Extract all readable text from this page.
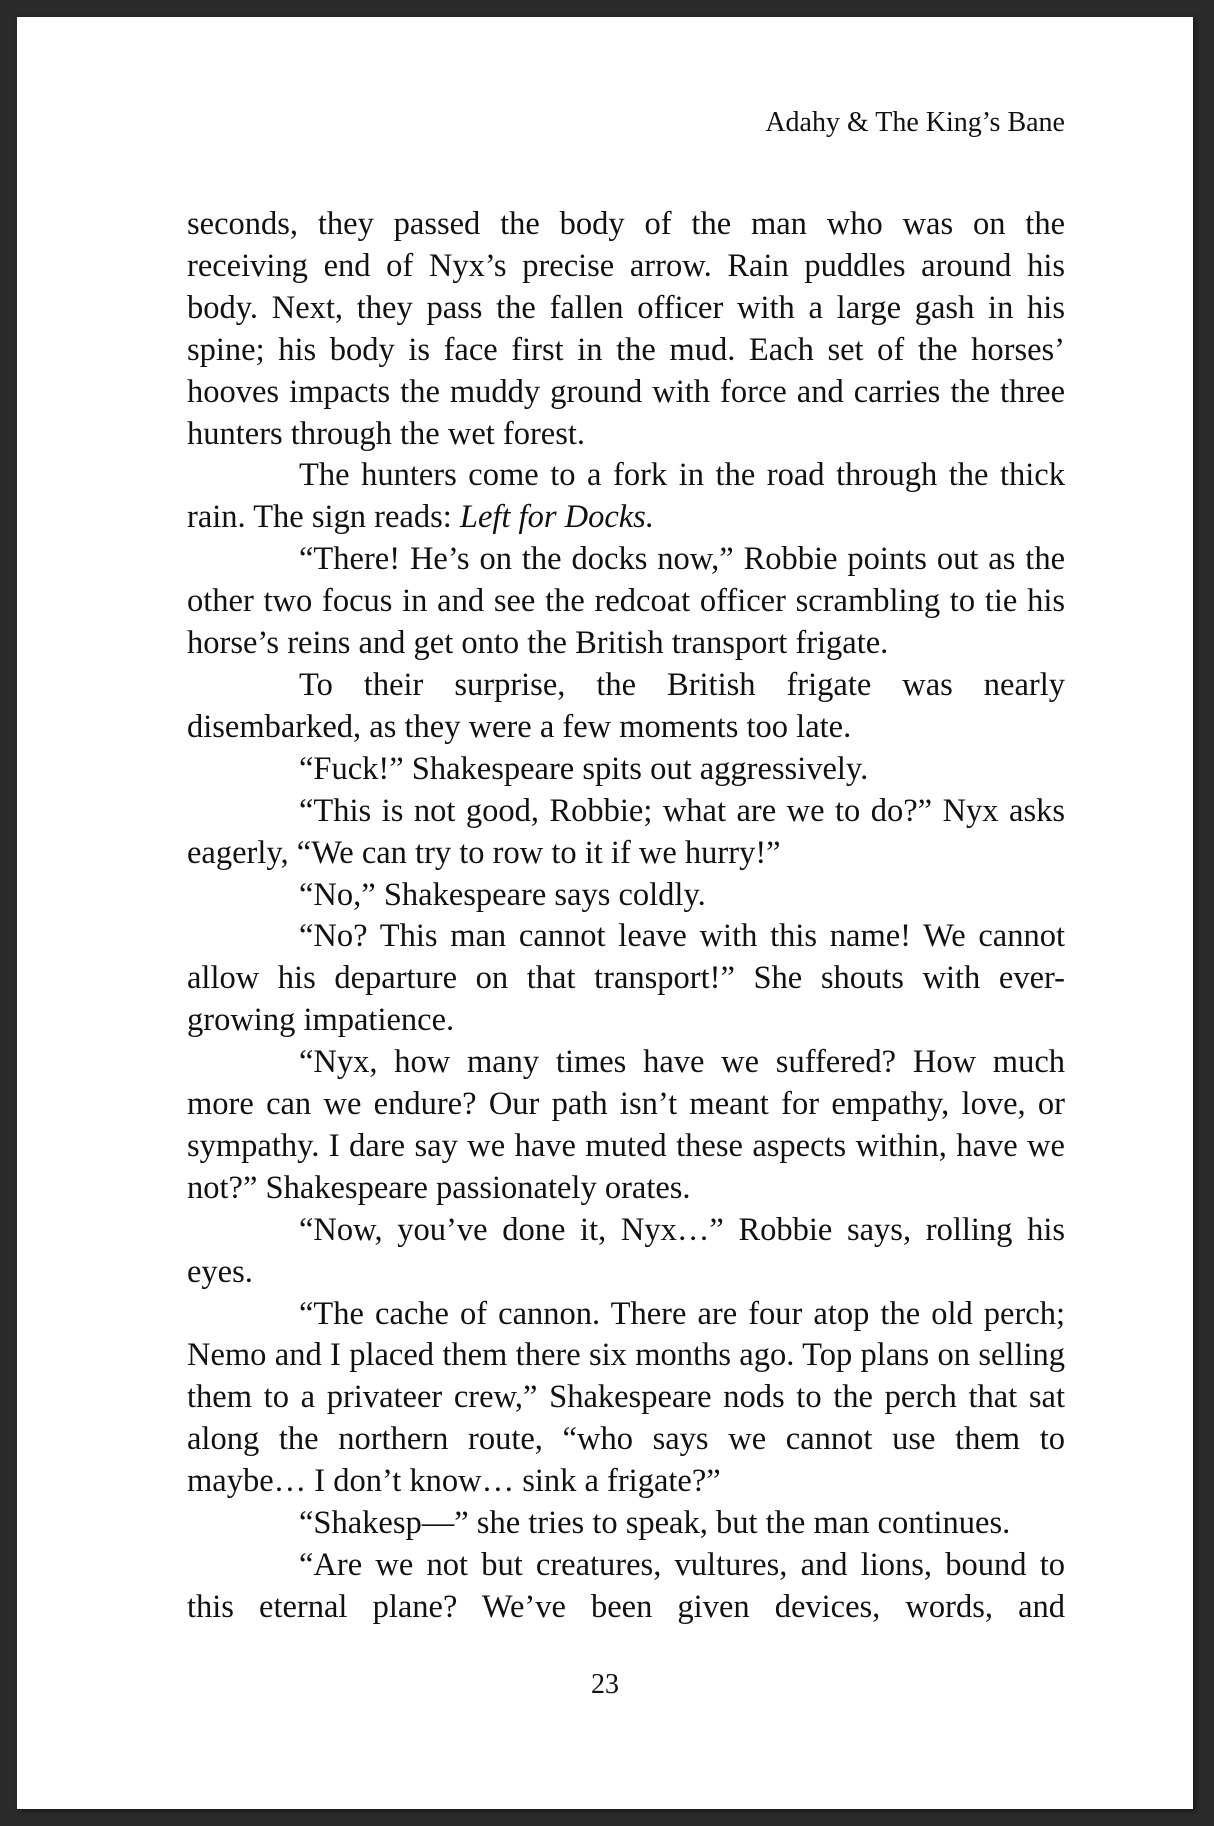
Adahy & The King’s Bane

seconds, they passed the body of the man who was on the receiving end of Nyx’s precise arrow. Rain puddles around his body. Next, they pass the fallen officer with a large gash in his spine; his body is face first in the mud. Each set of the horses’ hooves impacts the muddy ground with force and carries the three hunters through the wet forest.

The hunters come to a fork in the road through the thick rain. The sign reads: Left for Docks.

“There! He’s on the docks now,” Robbie points out as the other two focus in and see the redcoat officer scrambling to tie his horse’s reins and get onto the British transport frigate.

To their surprise, the British frigate was nearly disembarked, as they were a few moments too late.

“Fuck!” Shakespeare spits out aggressively.

“This is not good, Robbie; what are we to do?” Nyx asks eagerly, “We can try to row to it if we hurry!”

“No,” Shakespeare says coldly.

“No? This man cannot leave with this name! We cannot allow his departure on that transport!” She shouts with ever-growing impatience.

“Nyx, how many times have we suffered? How much more can we endure? Our path isn’t meant for empathy, love, or sympathy. I dare say we have muted these aspects within, have we not?” Shakespeare passionately orates.

“Now, you’ve done it, Nyx…” Robbie says, rolling his eyes.

“The cache of cannon. There are four atop the old perch; Nemo and I placed them there six months ago. Top plans on selling them to a privateer crew,” Shakespeare nods to the perch that sat along the northern route, “who says we cannot use them to maybe… I don’t know… sink a frigate?”

“Shakesp—” she tries to speak, but the man continues.

“Are we not but creatures, vultures, and lions, bound to this eternal plane? We’ve been given devices, words, and

23
